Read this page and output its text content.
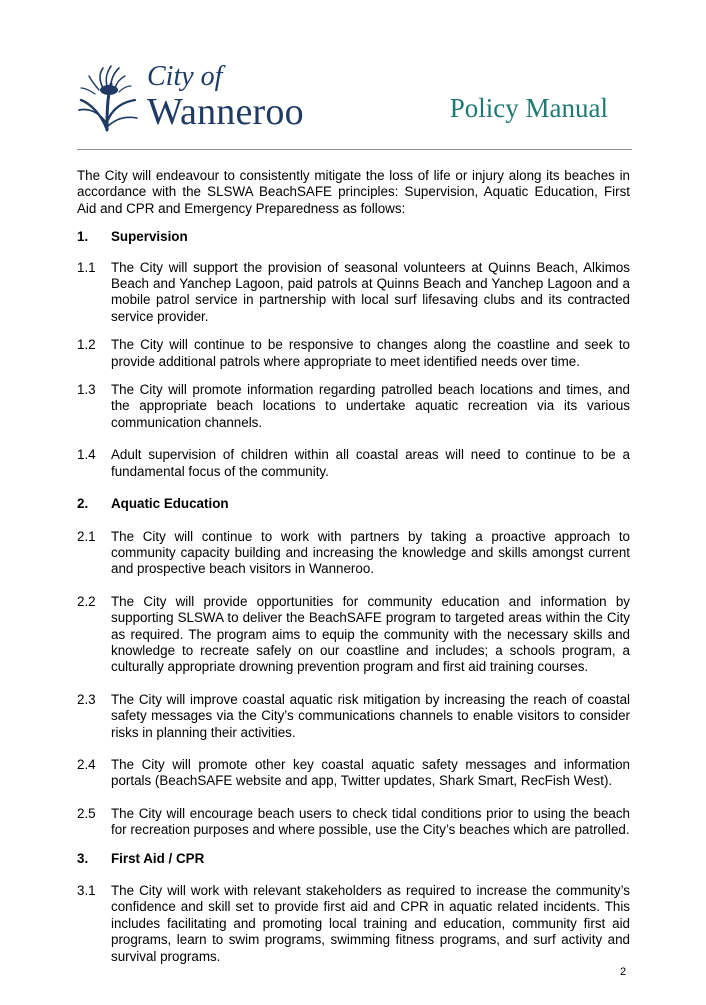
City of
Wanneroo	Policy Manual

The City will endeavour to consistently mitigate the loss of life or injury along its beaches in accordance with the SLSWA BeachSAFE principles: Supervision, Aquatic Education, First Aid and CPR and Emergency Preparedness as follows:

1.	Supervision
1.1	The City will support the provision of seasonal volunteers at Quinns Beach, Alkimos Beach and Yanchep Lagoon, paid patrols at Quinns Beach and Yanchep Lagoon and a mobile patrol service in partnership with local surf lifesaving clubs and its contracted service provider.
1.2	The City will continue to be responsive to changes along the coastline and seek to provide additional patrols where appropriate to meet identified needs over time.
1.3	The City will promote information regarding patrolled beach locations and times, and the appropriate beach locations to undertake aquatic recreation via its various communication channels.
1.4	Adult supervision of children within all coastal areas will need to continue to be a fundamental focus of the community.
2.	Aquatic Education
2.1	The City will continue to work with partners by taking a proactive approach to community capacity building and increasing the knowledge and skills amongst current and prospective beach visitors in Wanneroo.
2.2	The City will provide opportunities for community education and information by supporting SLSWA to deliver the BeachSAFE program to targeted areas within the City as required. The program aims to equip the community with the necessary skills and knowledge to recreate safely on our coastline and includes; a schools program, a culturally appropriate drowning prevention program and first aid training courses.
2.3	The City will improve coastal aquatic risk mitigation by increasing the reach of coastal safety messages via the City’s communications channels to enable visitors to consider risks in planning their activities.
2.4	The City will promote other key coastal aquatic safety messages and information portals (BeachSAFE website and app, Twitter updates, Shark Smart, RecFish West).
2.5	The City will encourage beach users to check tidal conditions prior to using the beach for recreation purposes and where possible, use the City’s beaches which are patrolled.
3.	First Aid / CPR
3.1	The City will work with relevant stakeholders as required to increase the community’s confidence and skill set to provide first aid and CPR in aquatic related incidents. This includes facilitating and promoting local training and education, community first aid programs, learn to swim programs, swimming fitness programs, and surf activity and survival programs.
2
